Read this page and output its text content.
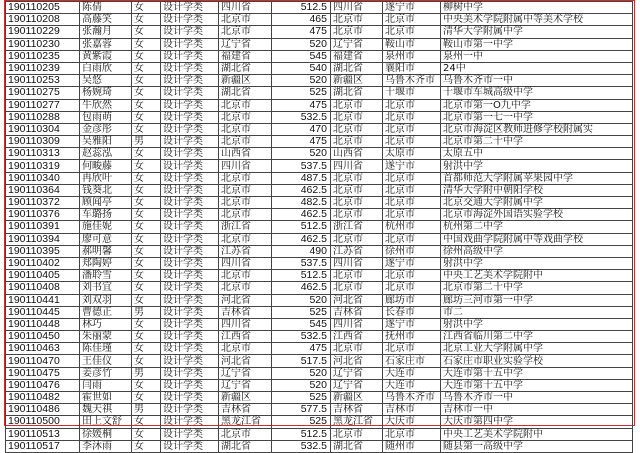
190110205	陈倩	女	设计学类	四川省	512.5	四川省	遂宁市	柳树中学
190110208	高藤笑	女	设计学类	北京市	465	北京市	北京市	中央美术学院附属中等美术学校
190110229	张瀚月	女	设计学类	北京市	475	北京市	北京市	清华大学附属中学
190110230	张嘉蓉	女	设计学类	辽宁省	520	辽宁省	鞍山市	鞍山市第一中学
190110235	黄紫霞	女	设计学类	福建省	545	福建省	泉州市	泉州一中
190110239	白雨欣	女	设计学类	湖北省	540	湖北省	襄阳市	24中
190110253	吴悠	女	设计学类	新疆区	520	新疆区	乌鲁木齐市	乌鲁木齐市一中
190110275	杨婉琦	女	设计学类	湖北省	525	湖北省	十堰市	十堰市车城高级中学
190110277	牛欣然	女	设计学类	北京市	475	北京市	北京市	北京市第一O九中学
190110288	包雨萌	女	设计学类	北京市	532.5	北京市	北京市	北京市第一七一中学
190110304	金彦彤	女	设计学类	北京市	470	北京市	北京市	北京市海淀区教师进修学校附属实
190110309	吴雅阳	男	设计学类	北京市	475	北京市	北京市	北京市第二十中学
190110313	赵蕊泓	女	设计学类	山西省	520	山西省	太原市	太原五中
190110319	何畯藤	女	设计学类	四川省	537.5	四川省	遂宁市	射洪中学
190110340	冉欣叶	女	设计学类	北京市	487.5	北京市	北京市	首都师范大学附属苹果园中学
190110364	钱葵北	女	设计学类	北京市	462.5	北京市	北京市	清华大学附中朝阳学校
190110372	顾闻亭	女	设计学类	北京市	482.5	北京市	北京市	北京交通大学附属中学
190110376	车璐扬	女	设计学类	北京市	462.5	北京市	北京市	北京市海淀外国语实验学校
190110391	施佳妮	女	设计学类	浙江省	512.5	浙江省	杭州市	杭州第二中学
190110394	廖可意	女	设计学类	北京市	462.5	北京市	北京市	中国戏曲学院附属中等戏曲学校
190110395	郝明馨	女	设计学类	江苏省	490	江苏省	徐州市	徐州高级中学
190110402	郑陶婷	女	设计学类	四川省	537.5	四川省	遂宁市	射洪中学
190110405	潘聆雪	女	设计学类	北京市	512.5	北京市	北京市	中央工艺美术学院附中
190110408	刘书宜	女	设计学类	北京市	462.5	北京市	北京市	北京市第二十中学
190110441	刘双羽	女	设计学类	河北省	520	河北省	廊坊市	廊坊三河市第一中学
190110445	曹德正	男	设计学类	吉林省	525	吉林省	长春市	市二
190110448	林巧	女	设计学类	四川省	545	四川省	遂宁市	射洪中学
190110450	朱丽蒙	女	设计学类	江西省	532.5	江西省	抚州市	江西省临川第二中学
190110463	陈佳瑾	女	设计学类	北京市	475	北京市	北京市	北京工业大学附属中学
190110470	王佳仪	女	设计学类	河北省	517.5	河北省	石家庄市	石家庄市职业实验学校
190110475	姜彦竹	男	设计学类	辽宁省	520	辽宁省	大连市	大连市第十五中学
190110476	闫雨	女	设计学类	辽宁省	520	辽宁省	大连市	大连市第十五中学
190110482	霍世如	女	设计学类	新疆区	525	新疆区	乌鲁木齐市	乌鲁木齐市一中
190110486	魏天祺	男	设计学类	吉林省	577.5	吉林省	吉林市	吉林市一中
190110500	田上文舒	女	设计学类	黑龙江省	525	黑龙江省	大庆市	大庆市第四中学
190110513	徐媛桐	女	设计学类	北京市	512.5	北京市	北京市	中央工艺美术学院附中
190110517	李沐雨	女	设计学类	湖北省	532.5	湖北省	随州市	随县第一高级中学
